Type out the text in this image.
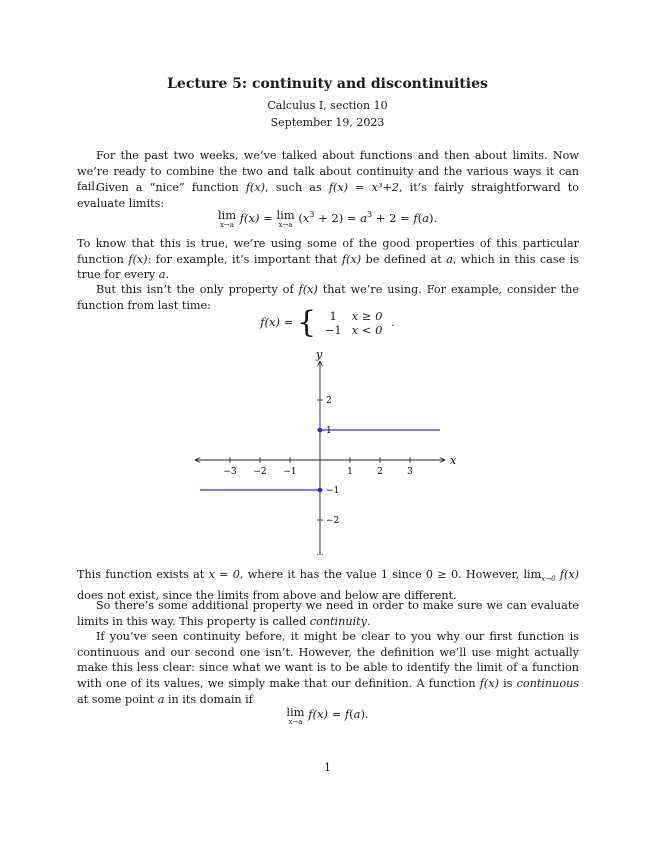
Lecture 5: continuity and discontinuities
Calculus I, section 10
September 19, 2023

For the past two weeks, we’ve talked about functions and then about limits. Now we’re ready to combine the two and talk about continuity and the various ways it can fail.

Given a “nice” function f(x), such as f(x) = x³+2, it’s fairly straightforward to evaluate limits:

lim
x→a
f(x) = lim
x→a
$(x^3 + 2) = a^3 + 2 = f(a)$.

To know that this is true, we’re using some of the good properties of this particular function f(x): for example, it’s important that f(x) be defined at a, which in this case is true for every a.

But this isn’t the only property of f(x) that we’re using. For example, consider the function from last time:

f(x) = { 1	x ≥ 0
−1	x < 0 .
x
y
−3 −2 −1	1	2	3
−2
−1
1
2

This function exists at x = 0, where it has the value 1 since 0 ≥ 0. However, $\lim_{x\to 0} f(x)$ does not exist, since the limits from above and below are different.

So there’s some additional property we need in order to make sure we can evaluate limits in this way. This property is called continuity.

If you’ve seen continuity before, it might be clear to you why our first function is continuous and our second one isn’t. However, the definition we’ll use might actually make this less clear: since what we want is to be able to identify the limit of a function with one of its values, we simply make that our definition. A function f(x) is continuous at some point a in its domain if

lim
x→a
f(x) = f(a).
1
